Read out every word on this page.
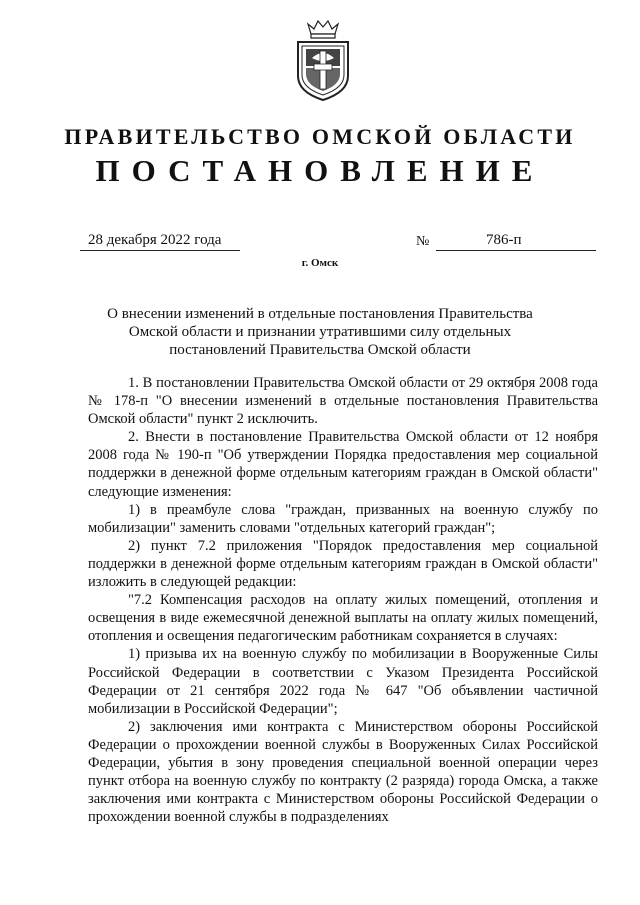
ПРАВИТЕЛЬСТВО ОМСКОЙ ОБЛАСТИ
ПОСТАНОВЛЕНИЕ
28 декабря 2022 года	№	786-п
г. Омск
О внесении изменений в отдельные постановления Правительства Омской области и признании утратившими силу отдельных постановлений Правительства Омской области

1. В постановлении Правительства Омской области от 29 октября 2008 года № 178-п "О внесении изменений в отдельные постановления Правительства Омской области" пункт 2 исключить.

2. Внести в постановление Правительства Омской области от 12 ноября 2008 года № 190-п "Об утверждении Порядка предоставления мер социальной поддержки в денежной форме отдельным категориям граждан в Омской области" следующие изменения:

1) в преамбуле слова "граждан, призванных на военную службу по мобилизации" заменить словами "отдельных категорий граждан";

2) пункт 7.2 приложения "Порядок предоставления мер социальной поддержки в денежной форме отдельным категориям граждан в Омской области" изложить в следующей редакции:

"7.2 Компенсация расходов на оплату жилых помещений, отопления и освещения в виде ежемесячной денежной выплаты на оплату жилых помещений, отопления и освещения педагогическим работникам сохраняется в случаях:

1) призыва их на военную службу по мобилизации в Вооруженные Силы Российской Федерации в соответствии с Указом Президента Российской Федерации от 21 сентября 2022 года № 647 "Об объявлении частичной мобилизации в Российской Федерации";

2) заключения ими контракта с Министерством обороны Российской Федерации о прохождении военной службы в Вооруженных Силах Российской Федерации, убытия в зону проведения специальной военной операции через пункт отбора на военную службу по контракту (2 разряда) города Омска, а также заключения ими контракта с Министерством обороны Российской Федерации о прохождении военной службы в подразделениях
